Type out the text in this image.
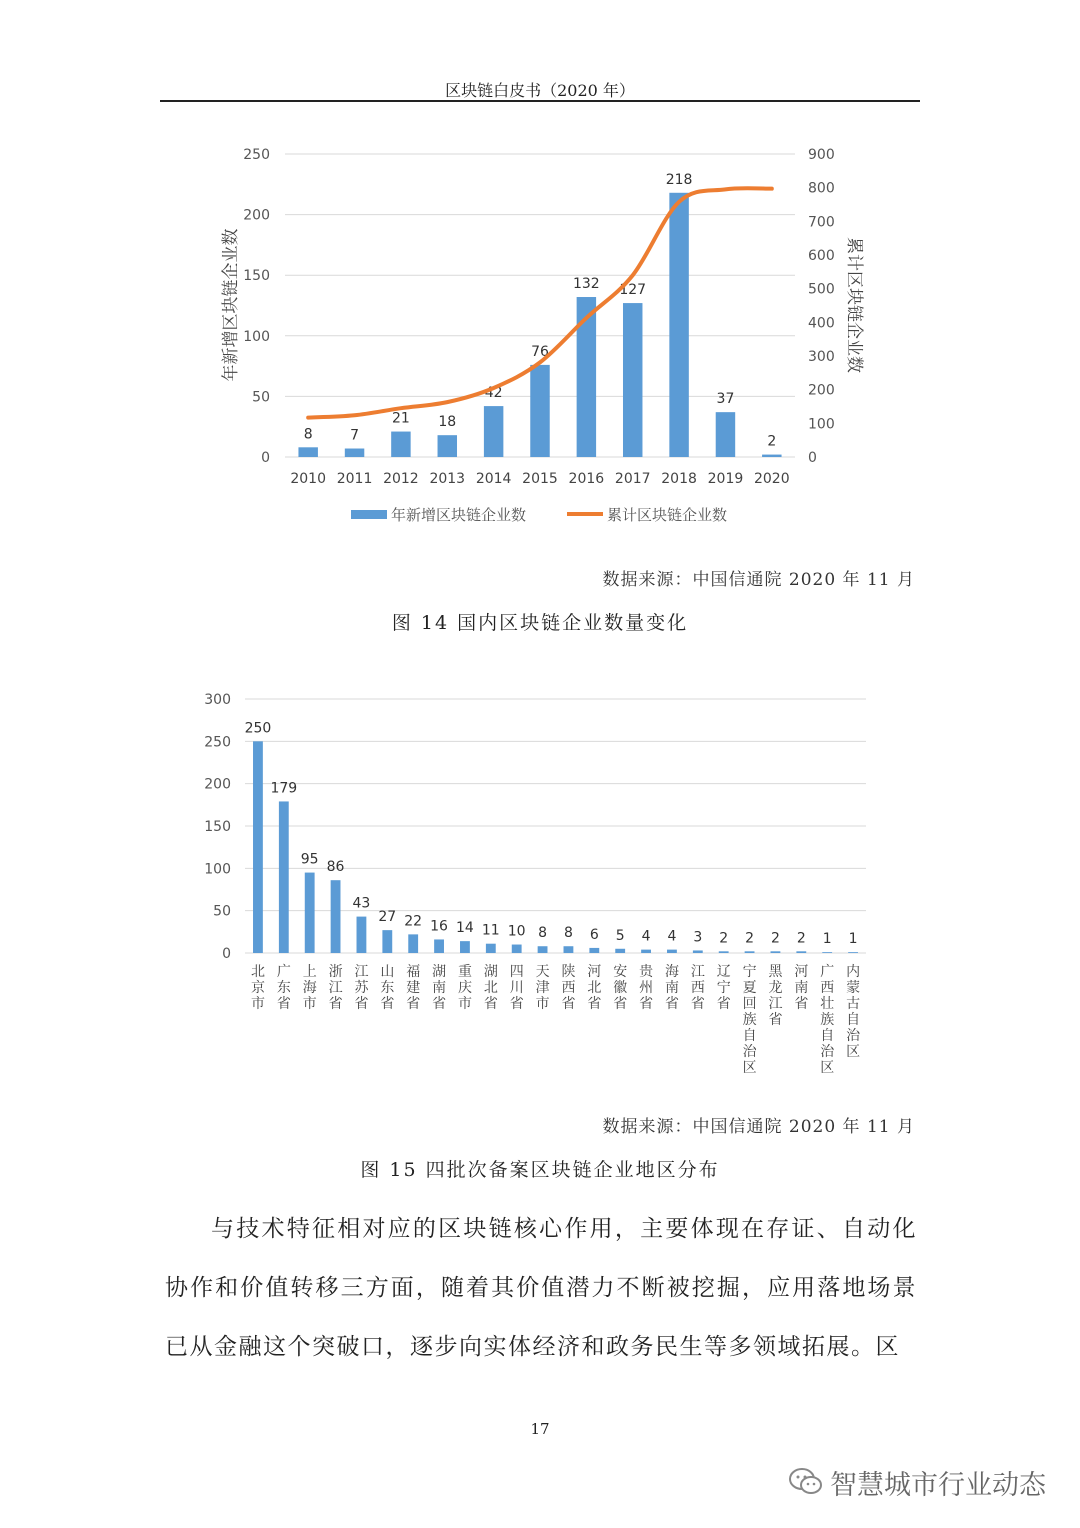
区块链白皮书（2020 年）
8	7
21 18
42
76
132 127
218
37
2
0
50
100
150
200
250
0
100
200
300
400
500
600
700
800
900
2010 2011 2012 2013 2014 2015 2016 2017 2018 2019 2020
年新增区块链企业数	累计区块链企业数
年新增区块链企业数	累计区块链企业数
数据来源：中国信通院 2020 年 11 月
图 14 国内区块链企业数量变化
250
179
95 86
43
27 22 16 14 11 10 8 8 6 5 4 4 3 2 2 2 2 1 1
0
50
100
150
200
250
300
北京市
广东省
上海市
浙江省
江苏省
山东省
福建省
湖南省
重庆市
湖北省
四川省
天津市
陕西省
河北省
安徽省
贵州省
海南省
江西省
辽宁省
宁夏回族自治区
黑龙江省
河南省
广西壮族自治区
内蒙古自治区
数据来源：中国信通院 2020 年 11 月
图 15 四批次备案区块链企业地区分布

与技术特征相对应的区块链核心作用，主要体现在存证、自动化协作和价值转移三方面，随着其价值潜力不断被挖掘，应用落地场景已从金融这个突破口，逐步向实体经济和政务民生等多领域拓展。区

17
智慧城市行业动态
